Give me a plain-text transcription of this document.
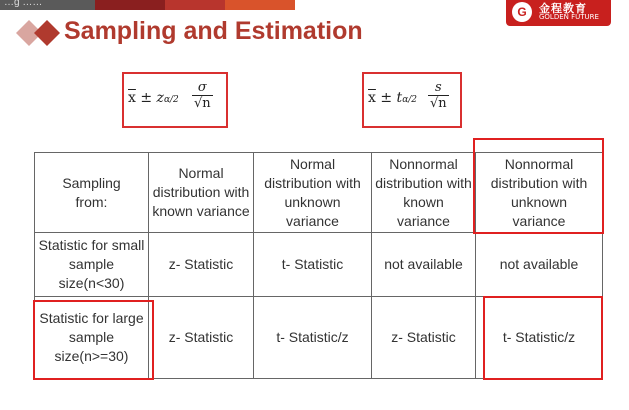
…g ……
G	金程教育
GOLDEN FUTURE
Sampling and Estimation
$\overline{x} \pm z\alpha/2 \frac{\sigma}{√n}$	$\overline{x} \pm t\alpha/2 \frac{s}{√n}$
Sampling from:	Normal distribution with known variance	Normal distribution with unknown variance	Nonnormal distribution with known variance	Nonnormal distribution with unknown variance
Statistic for small sample size(n<30)	z- Statistic	t- Statistic	not available	not available
Statistic for large sample size(n>=30)	z- Statistic	t- Statistic/z	z- Statistic	t- Statistic/z
